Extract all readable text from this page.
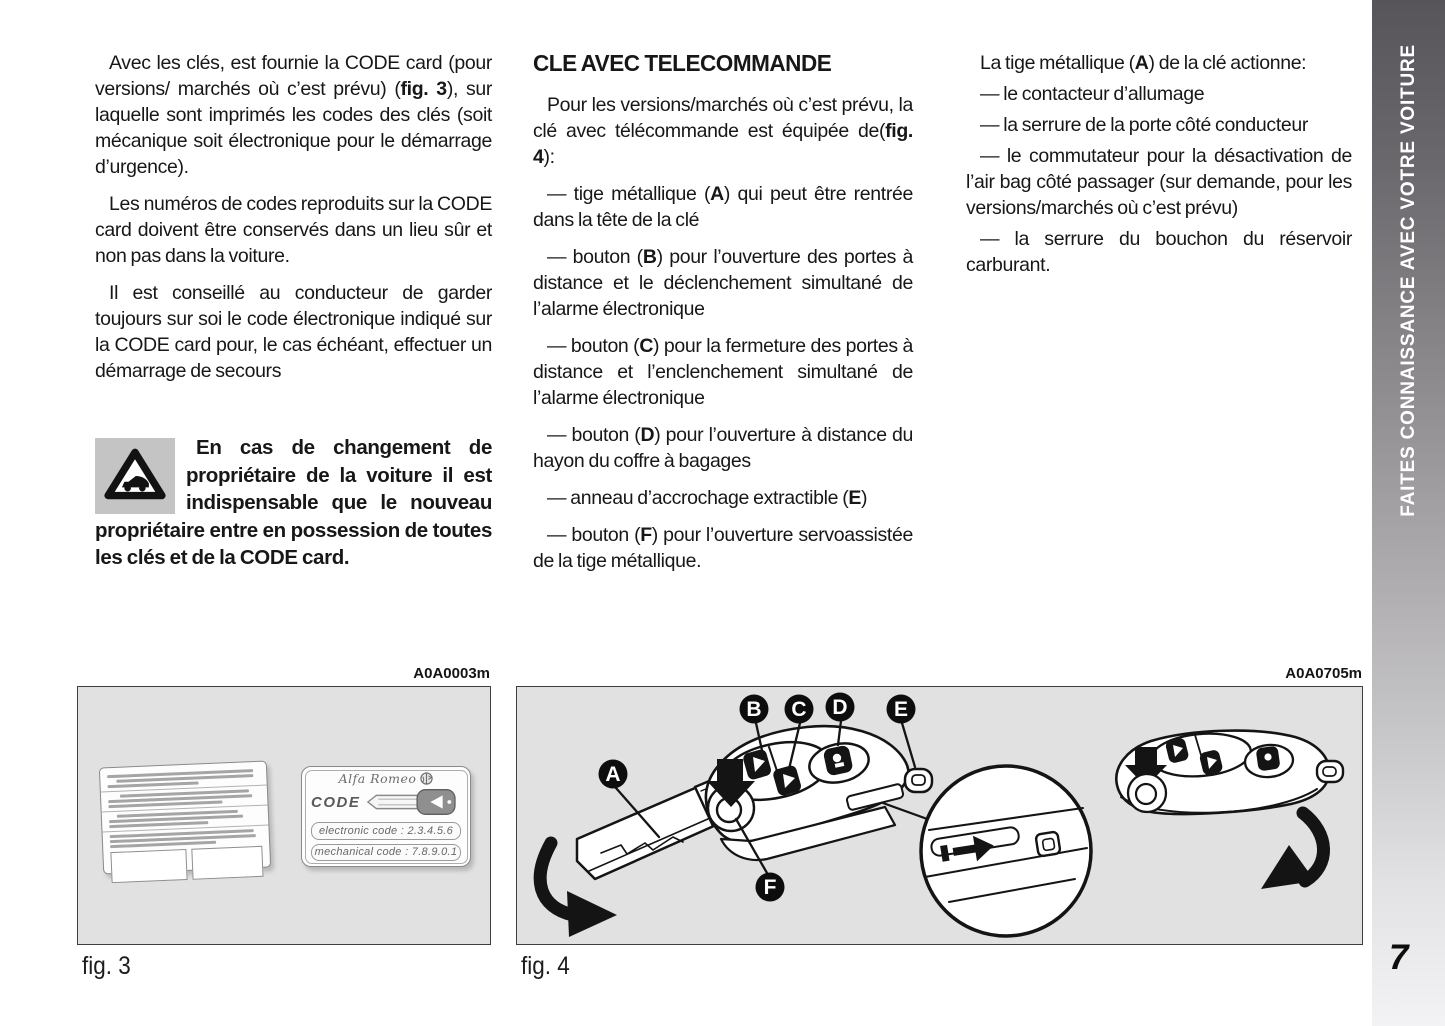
Avec les clés, est fournie la CODE card (pour versions/ marchés où c’est prévu) (fig. 3), sur laquelle sont imprimés les codes des clés (soit mécanique soit électronique pour le démarrage d’urgence).

Les numéros de codes reproduits sur la CODE card doivent être conservés dans un lieu sûr et non pas dans la voiture.

Il est conseillé au conducteur de garder toujours sur soi le code électronique indiqué sur la CODE card pour, le cas échéant, effectuer un démarrage de secours

En cas de changement de propriétaire de la voiture il est indispensable que le nouveau propriétaire entre en possession de toutes les clés et de la CODE card.

CLE AVEC TELECOMMANDE

Pour les versions/marchés où c’est prévu, la clé avec télécommande est équipée de(fig. 4):

— tige métallique (A) qui peut être rentrée dans la tête de la clé

— bouton (B) pour l’ouverture des portes à distance et le déclenchement simultané de l’alarme électronique

— bouton (C) pour la fermeture des portes à distance et l’enclenchement simultané de l’alarme électronique

— bouton (D) pour l’ouverture à distance du hayon du coffre à bagages

— anneau d’accrochage extractible (E)

— bouton (F) pour l’ouverture servoassistée de la tige métallique.

La tige métallique (A) de la clé actionne:

— le contacteur d’allumage

— la serrure de la porte côté conducteur

— le commutateur pour la désactivation de l’air bag côté passager (sur demande, pour les versions/marchés où c’est prévu)

— la serrure du bouchon du réservoir carburant.

A0A0003m
Alfa Romeo
CODE
electronic code : 2.3.4.5.6
mechanical code : 7.8.9.0.1
fig. 3
A0A0705m
A
B C D E
F
fig. 4
FAITES CONNAISSANCE AVEC VOTRE VOITURE
7
